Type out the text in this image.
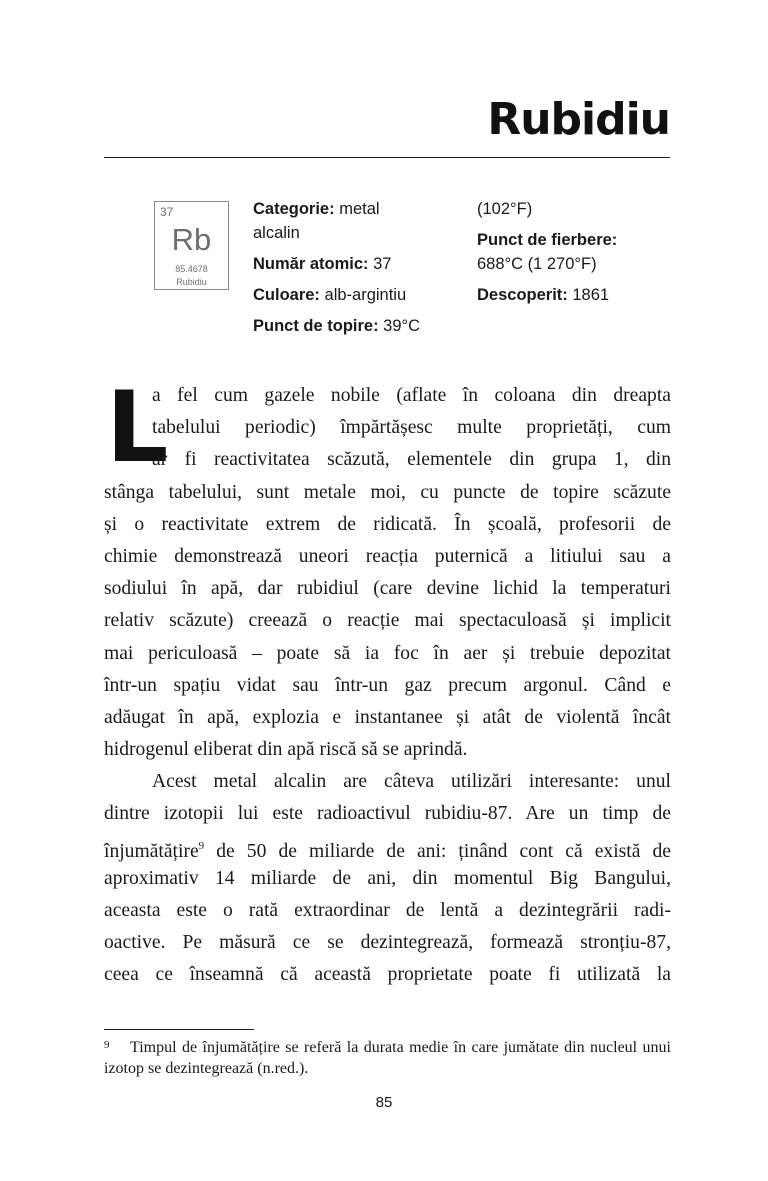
Rubidiu
37
Rb
85.4678
Rubidiu
Categorie: metal
alcalin
Număr atomic: 37
Culoare: alb-argintiu
Punct de topire: 39°C
(102°F)
Punct de fierbere:
688°C (1 270°F)
Descoperit: 1861
L
a fel cum gazele nobile (aflate în coloana din dreapta
tabelului periodic) împărtășesc multe proprietăți, cum
ar fi reactivitatea scăzută, elementele din grupa 1, din
stânga tabelului, sunt metale moi, cu puncte de topire scăzute
și o reactivitate extrem de ridicată. În școală, profesorii de
chimie demonstrează uneori reacția puternică a litiului sau a
sodiului în apă, dar rubidiul (care devine lichid la temperaturi
relativ scăzute) creează o reacție mai spectaculoasă și implicit
mai periculoasă – poate să ia foc în aer și trebuie depozitat
într-un spațiu vidat sau într-un gaz precum argonul. Când e
adăugat în apă, explozia e instantanee și atât de violentă încât
hidrogenul eliberat din apă riscă să se aprindă.
Acest metal alcalin are câteva utilizări interesante: unul
dintre izotopii lui este radioactivul rubidiu-87. Are un timp de
înjumătățire$^9$ de 50 de miliarde de ani: ținând cont că există de
aproximativ 14 miliarde de ani, din momentul Big Bangului,
aceasta este o rată extraordinar de lentă a dezintegrării radi-
oactive. Pe măsură ce se dezintegrează, formează stronțiu-87,
ceea ce înseamnă că această proprietate poate fi utilizată la
9 Timpul de înjumătățire se referă la durata medie în care jumătate din nucleul unui izotop se dezintegrează (n.red.).
85
